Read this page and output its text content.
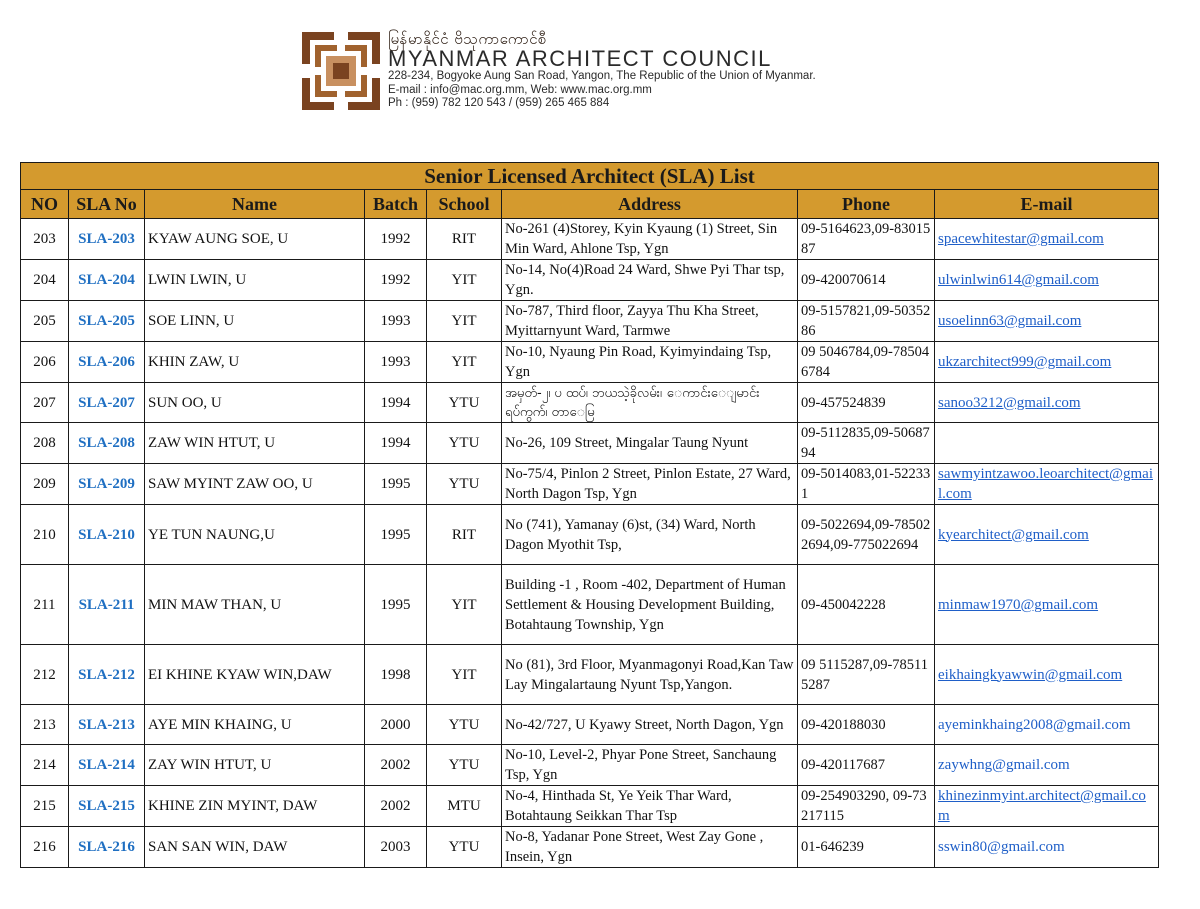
မြန်မာနိုင်ငံ ဗိသုကာကောင်စီ
MYANMAR ARCHITECT COUNCIL
228-234, Bogyoke Aung San Road, Yangon, The Republic of the Union of Myanmar.
E-mail : info@mac.org.mm, Web: www.mac.org.mm
Ph : (959) 782 120 543 / (959) 265 465 884
Senior Licensed Architect (SLA) List							
NO	SLA No	Name	Batch	School	Address	Phone	E-mail
203	SLA-203	KYAW AUNG SOE, U	1992	RIT	No-261 (4)Storey, Kyin Kyaung (1) Street, Sin Min Ward, Ahlone Tsp, Ygn	09-5164623,09-8301587	spacewhitestar@gmail.com
204	SLA-204	LWIN LWIN, U	1992	YIT	No-14, No(4)Road 24 Ward, Shwe Pyi Thar tsp, Ygn.	09-420070614	ulwinlwin614@gmail.com
205	SLA-205	SOE LINN, U	1993	YIT	No-787, Third floor, Zayya Thu Kha Street, Myittarnyunt Ward, Tarmwe	09-5157821,09-5035286	usoelinn63@gmail.com
206	SLA-206	KHIN ZAW, U	1993	YIT	No-10, Nyaung Pin Road, Kyimyindaing Tsp, Ygn	09 5046784,09-785046784	ukzarchitect999@gmail.com
207	SLA-207	SUN OO, U	1994	YTU	အမှတ်-၂၊ ပ ထပ်၊ ဘယသဲ့ခိုလမ်း၊ ေကာင်းေျမာင်းရပ်ကွက်၊ တာေမြ	09-457524839	sanoo3212@gmail.com
208	SLA-208	ZAW WIN HTUT, U	1994	YTU	No-26, 109 Street, Mingalar Taung Nyunt	09-5112835,09-5068794	
209	SLA-209	SAW MYINT ZAW OO, U	1995	YTU	No-75/4, Pinlon 2 Street, Pinlon Estate, 27 Ward, North Dagon Tsp, Ygn	09-5014083,01-522331	sawmyintzawoo.leoarchitect@gmail.com
210	SLA-210	YE TUN NAUNG,U	1995	RIT	No (741), Yamanay (6)st, (34) Ward, North Dagon Myothit Tsp,	09-5022694,09-785022694,09-775022694	kyearchitect@gmail.com
211	SLA-211	MIN MAW THAN, U	1995	YIT	Building -1 , Room -402, Department of Human Settlement & Housing Development Building, Botahtaung Township, Ygn	09-450042228	minmaw1970@gmail.com
212	SLA-212	EI KHINE KYAW WIN,DAW	1998	YIT	No (81), 3rd Floor, Myanmagonyi Road,Kan Taw Lay Mingalartaung Nyunt Tsp,Yangon.	09 5115287,09-785115287	eikhaingkyawwin@gmail.com
213	SLA-213	AYE MIN KHAING, U	2000	YTU	No-42/727, U Kyawy Street, North Dagon, Ygn	09-420188030	ayeminkhaing2008@gmail.com
214	SLA-214	ZAY WIN HTUT, U	2002	YTU	No-10, Level-2, Phyar Pone Street, Sanchaung Tsp, Ygn	09-420117687	zaywhng@gmail.com
215	SLA-215	KHINE ZIN MYINT, DAW	2002	MTU	No-4, Hinthada St, Ye Yeik Thar Ward, Botahtaung Seikkan Thar Tsp	09-254903290, 09-73217115	khinezinmyint.architect@gmail.com
216	SLA-216	SAN SAN WIN, DAW	2003	YTU	No-8, Yadanar Pone Street, West Zay Gone , Insein, Ygn	01-646239	sswin80@gmail.com
